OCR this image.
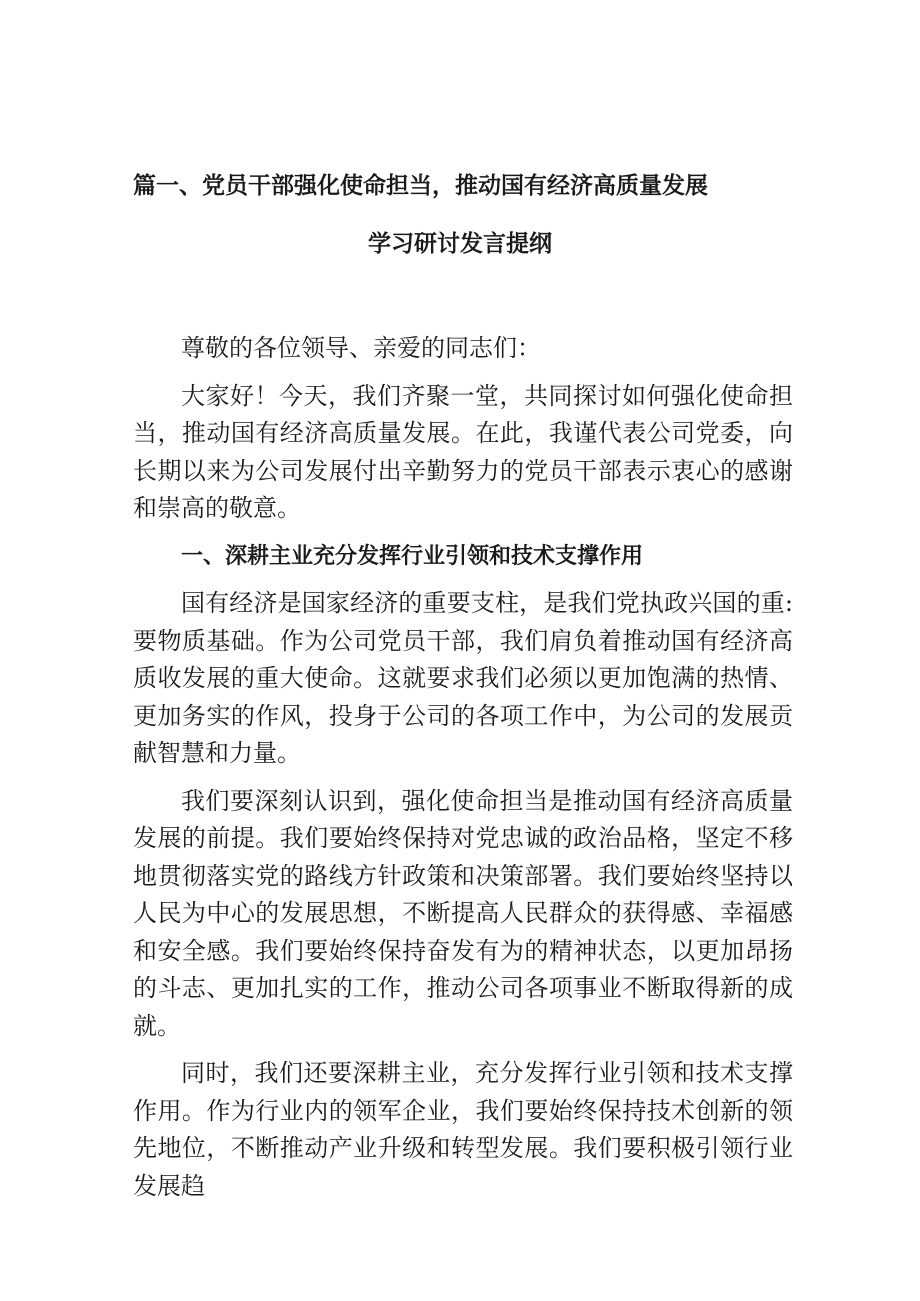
篇一、党员干部强化使命担当，推动国有经济高质量发展
学习研讨发言提纲

尊敬的各位领导、亲爱的同志们：

大家好！今天，我们齐聚一堂，共同探讨如何强化使命担当，推动国有经济高质量发展。在此，我谨代表公司党委，向长期以来为公司发展付出辛勤努力的党员干部表示衷心的感谢和崇高的敬意。

一、深耕主业充分发挥行业引领和技术支撑作用

国有经济是国家经济的重要支柱，是我们党执政兴国的重:要物质基础。作为公司党员干部，我们肩负着推动国有经济高质收发展的重大使命。这就要求我们必须以更加饱满的热情、更加务实的作风，投身于公司的各项工作中，为公司的发展贡献智慧和力量。

我们要深刻认识到，强化使命担当是推动国有经济高质量发展的前提。我们要始终保持对党忠诚的政治品格，坚定不移地贯彻落实党的路线方针政策和决策部署。我们要始终坚持以人民为中心的发展思想，不断提高人民群众的获得感、幸福感和安全感。我们要始终保持奋发有为的精神状态，以更加昂扬的斗志、更加扎实的工作，推动公司各项事业不断取得新的成就。

同时，我们还要深耕主业，充分发挥行业引领和技术支撑作用。作为行业内的领军企业，我们要始终保持技术创新的领先地位，不断推动产业升级和转型发展。我们要积极引领行业发展趋
